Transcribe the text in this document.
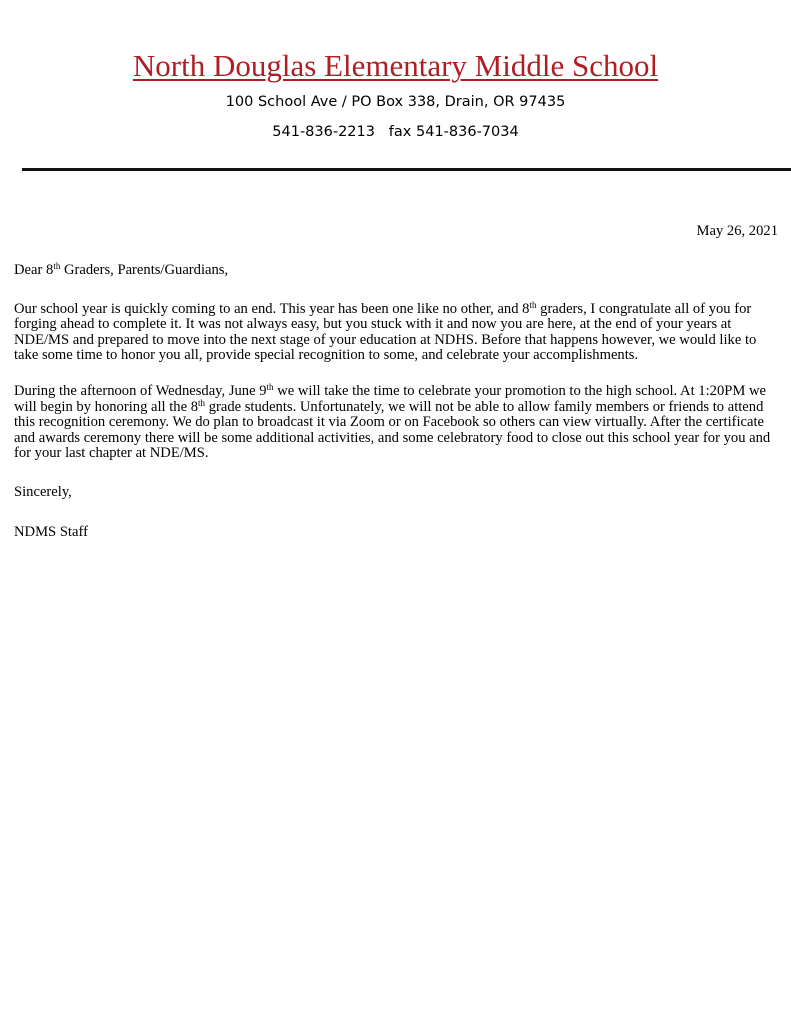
North Douglas Elementary Middle School
100 School Ave / PO Box 338, Drain, OR 97435
541-836-2213   fax 541-836-7034

May 26, 2021

Dear 8th Graders, Parents/Guardians,

Our school year is quickly coming to an end. This year has been one like no other, and 8th graders, I congratulate all of you for forging ahead to complete it. It was not always easy, but you stuck with it and now you are here, at the end of your years at NDE/MS and prepared to move into the next stage of your education at NDHS. Before that happens however, we would like to take some time to honor you all, provide special recognition to some, and celebrate your accomplishments.

During the afternoon of Wednesday, June 9th we will take the time to celebrate your promotion to the high school. At 1:20PM we will begin by honoring all the 8th grade students. Unfortunately, we will not be able to allow family members or friends to attend this recognition ceremony. We do plan to broadcast it via Zoom or on Facebook so others can view virtually. After the certificate and awards ceremony there will be some additional activities, and some celebratory food to close out this school year for you and for your last chapter at NDE/MS.

Sincerely,

NDMS Staff
